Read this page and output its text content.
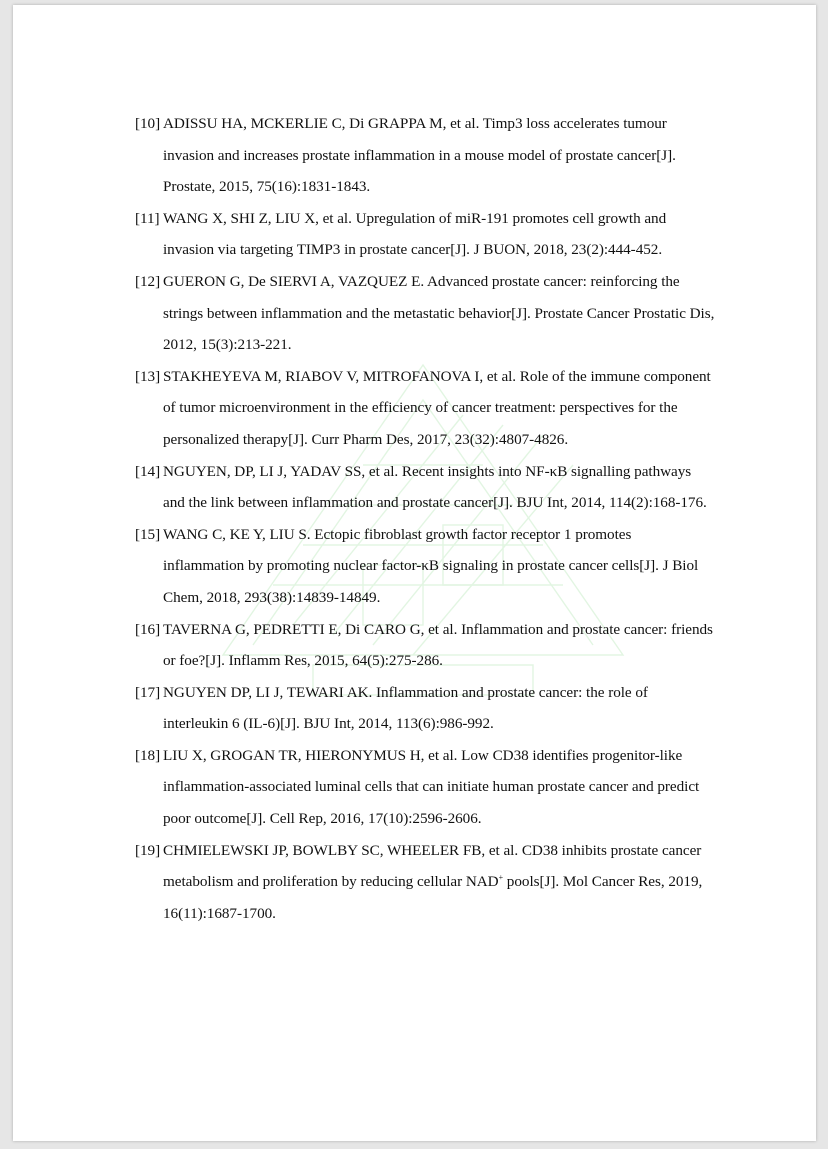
[10] ADISSU HA, MCKERLIE C, Di GRAPPA M, et al. Timp3 loss accelerates tumour invasion and increases prostate inflammation in a mouse model of prostate cancer[J]. Prostate, 2015, 75(16):1831-1843.
[11] WANG X, SHI Z, LIU X, et al. Upregulation of miR-191 promotes cell growth and invasion via targeting TIMP3 in prostate cancer[J]. J BUON, 2018, 23(2):444-452.
[12] GUERON G, De SIERVI A, VAZQUEZ E. Advanced prostate cancer: reinforcing the strings between inflammation and the metastatic behavior[J]. Prostate Cancer Prostatic Dis, 2012, 15(3):213-221.
[13] STAKHEYEVA M, RIABOV V, MITROFANOVA I, et al. Role of the immune component of tumor microenvironment in the efficiency of cancer treatment: perspectives for the personalized therapy[J]. Curr Pharm Des, 2017, 23(32):4807-4826.
[14] NGUYEN, DP, LI J, YADAV SS, et al. Recent insights into NF-κB signalling pathways and the link between inflammation and prostate cancer[J]. BJU Int, 2014, 114(2):168-176.
[15] WANG C, KE Y, LIU S. Ectopic fibroblast growth factor receptor 1 promotes inflammation by promoting nuclear factor-κB signaling in prostate cancer cells[J]. J Biol Chem, 2018, 293(38):14839-14849.
[16] TAVERNA G, PEDRETTI E, Di CARO G, et al. Inflammation and prostate cancer: friends or foe?[J]. Inflamm Res, 2015, 64(5):275-286.
[17] NGUYEN DP, LI J, TEWARI AK. Inflammation and prostate cancer: the role of interleukin 6 (IL-6)[J]. BJU Int, 2014, 113(6):986-992.
[18] LIU X, GROGAN TR, HIERONYMUS H, et al. Low CD38 identifies progenitor-like inflammation-associated luminal cells that can initiate human prostate cancer and predict poor outcome[J]. Cell Rep, 2016, 17(10):2596-2606.
[19] CHMIELEWSKI JP, BOWLBY SC, WHEELER FB, et al. CD38 inhibits prostate cancer metabolism and proliferation by reducing cellular NAD+ pools[J]. Mol Cancer Res, 2019, 16(11):1687-1700.
